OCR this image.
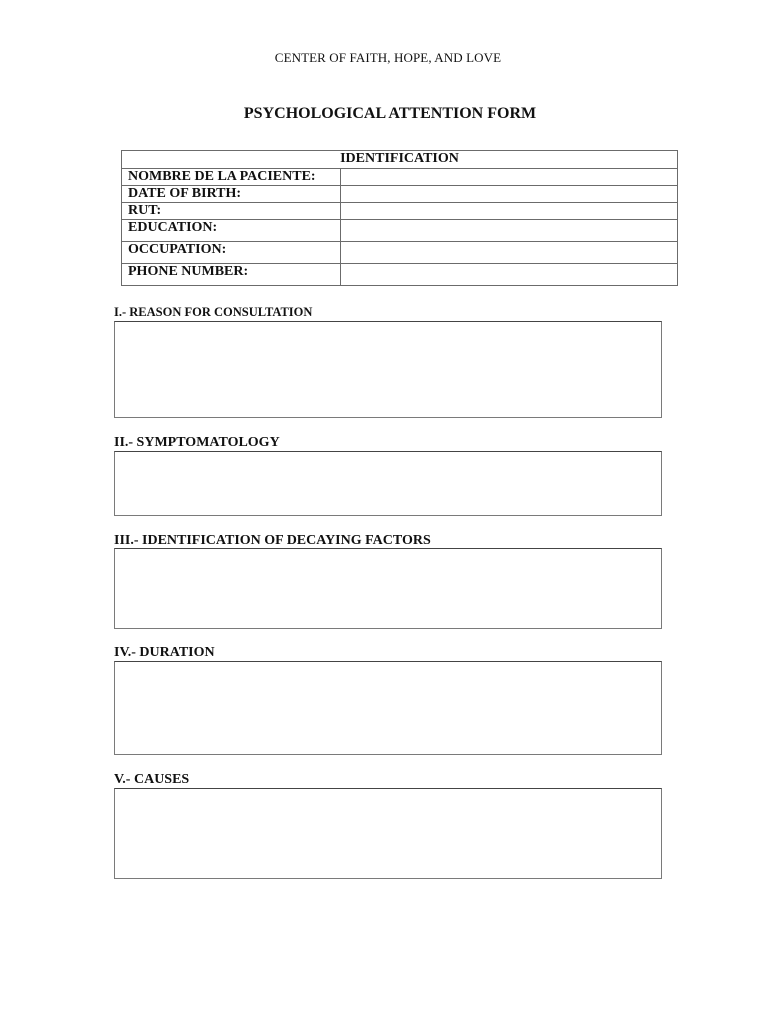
CENTER OF FAITH, HOPE, AND LOVE
PSYCHOLOGICAL ATTENTION FORM
IDENTIFICATION	
NOMBRE DE LA PACIENTE:	
DATE OF BIRTH:	
RUT:	
EDUCATION:	
OCCUPATION:	
PHONE NUMBER:	
I.- REASON FOR CONSULTATION
II.- SYMPTOMATOLOGY
III.- IDENTIFICATION OF DECAYING FACTORS
IV.- DURATION
V.- CAUSES
